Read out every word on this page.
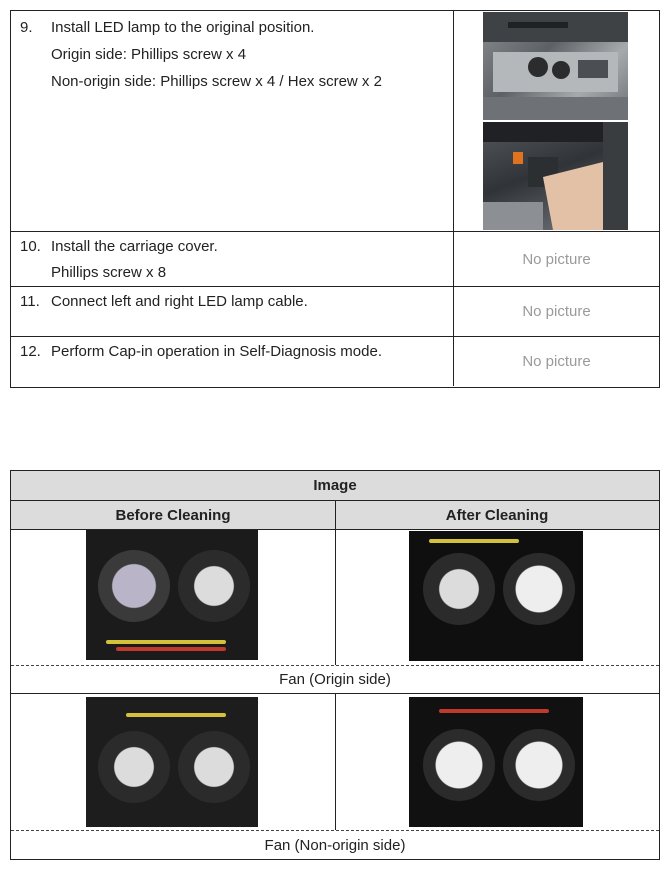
9. Install LED lamp to the original position.
Origin side: Phillips screw x 4
Non-origin side: Phillips screw x 4 / Hex screw x 2
10. Install the carriage cover.
Phillips screw x 8
No picture
11. Connect left and right LED lamp cable.
No picture
12. Perform Cap-in operation in Self-Diagnosis mode.
No picture
Image
Before Cleaning	After Cleaning
Fan (Origin side)
Fan (Non-origin side)
